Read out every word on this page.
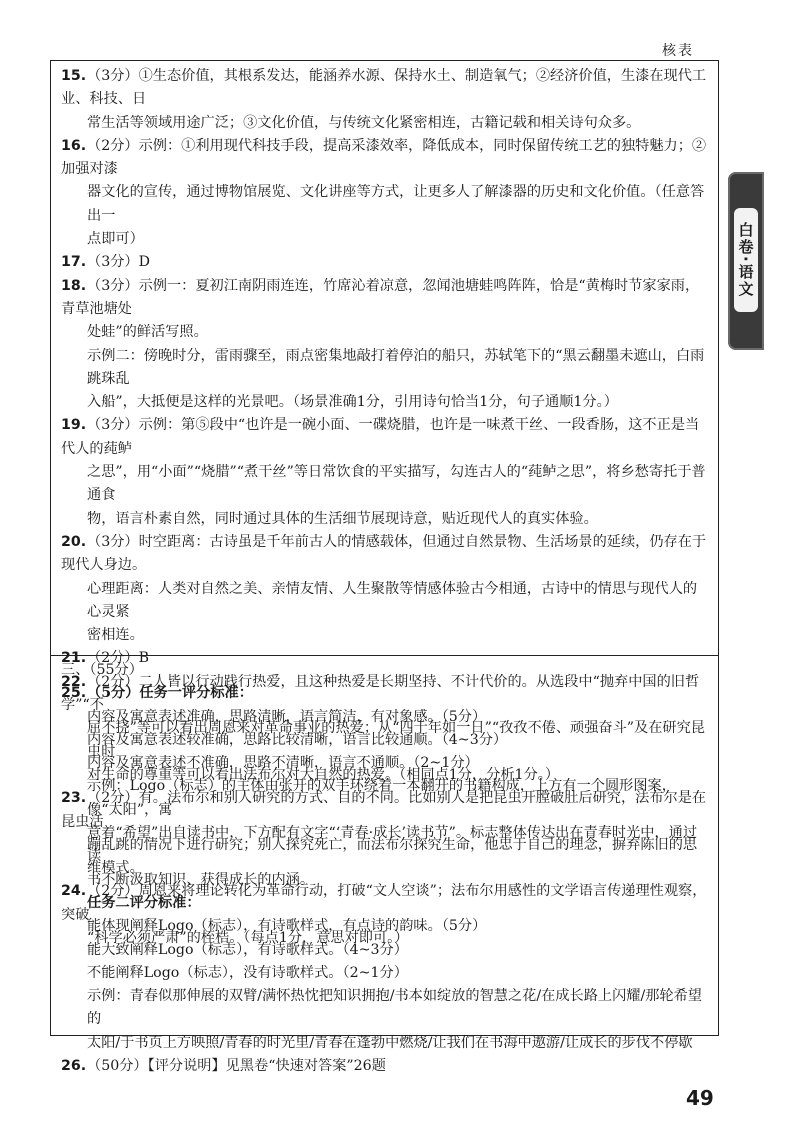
核表
白卷·语文

15.（3分）①生态价值，其根系发达，能涵养水源、保持水土、制造氧气；②经济价值，生漆在现代工业、科技、日

常生活等领域用途广泛；③文化价值，与传统文化紧密相连，古籍记载和相关诗句众多。

16.（2分）示例：①利用现代科技手段，提高采漆效率，降低成本，同时保留传统工艺的独特魅力；②加强对漆

器文化的宣传，通过博物馆展览、文化讲座等方式，让更多人了解漆器的历史和文化价值。（任意答出一

点即可）

17.（3分）D

18.（3分）示例一：夏初江南阴雨连连，竹席沁着凉意，忽闻池塘蛙鸣阵阵，恰是“黄梅时节家家雨，青草池塘处

处蛙”的鲜活写照。

示例二：傍晚时分，雷雨骤至，雨点密集地敲打着停泊的船只，苏轼笔下的“黑云翻墨未遮山，白雨跳珠乱

入船”，大抵便是这样的光景吧。（场景准确1分，引用诗句恰当1分，句子通顺1分。）

19.（3分）示例：第⑤段中“也许是一碗小面、一碟烧腊，也许是一味煮干丝、一段香肠，这不正是当代人的莼鲈

之思”，用“小面”“烧腊”“煮干丝”等日常饮食的平实描写，勾连古人的“莼鲈之思”，将乡愁寄托于普通食

物，语言朴素自然，同时通过具体的生活细节展现诗意，贴近现代人的真实体验。

20.（3分）时空距离：古诗虽是千年前古人的情感载体，但通过自然景物、生活场景的延续，仍存在于现代人身边。

心理距离：人类对自然之美、亲情友情、人生聚散等情感体验古今相通，古诗中的情思与现代人的心灵紧

密相连。

21.（2分）B

22.（2分）二人皆以行动践行热爱，且这种热爱是长期坚持、不计代价的。从选段中“抛弃中国的旧哲学”“不

屈不挠”等可以看出周恩来对革命事业的热爱；从“四十年如一日”“孜孜不倦、顽强奋斗”及在研究昆虫时

对生命的尊重等可以看出法布尔对大自然的热爱。（相同点1分，分析1分。）

23.（2分）有。法布尔和别人研究的方式、目的不同。比如别人是把昆虫开膛破肚后研究，法布尔是在昆虫活

蹦乱跳的情况下进行研究；别人探究死亡，而法布尔探究生命，他忠于自己的理念，摒弃陈旧的思维模式。

24.（2分）周恩来将理论转化为革命行动，打破“文人空谈”；法布尔用感性的文学语言传递理性观察，突破

“科学必须严肃”的桎梏。（每点1分，意思对即可。）

三、（55分）

25.（5分）任务一评分标准：

内容及寓意表述准确，思路清晰，语言简洁，有对象感。（5分）

内容及寓意表述较准确，思路比较清晰，语言比较通顺。（4~3分）

内容及寓意表述不准确，思路不清晰，语言不通顺。（2~1分）

示例：Logo（标志）的主体由张开的双手环绕着一本翻开的书籍构成，上方有一个圆形图案，像“太阳”，寓

意着“希望”出自读书中，下方配有文字“‘青春·成长’读书节”。标志整体传达出在青春时光中，通过读

书不断汲取知识、获得成长的内涵。

任务二评分标准：

能体现阐释Logo（标志），有诗歌样式，有点诗的韵味。（5分）

能大致阐释Logo（标志），有诗歌样式。（4~3分）

不能阐释Logo（标志），没有诗歌样式。（2~1分）

示例：青春似那伸展的双臂/满怀热忱把知识拥抱/书本如绽放的智慧之花/在成长路上闪耀/那轮希望的

太阳/于书页上方映照/青春的时光里/青春在蓬勃中燃烧/让我们在书海中遨游/让成长的步伐不停歇

26.（50分）【评分说明】见黑卷“快速对答案”26题

49
